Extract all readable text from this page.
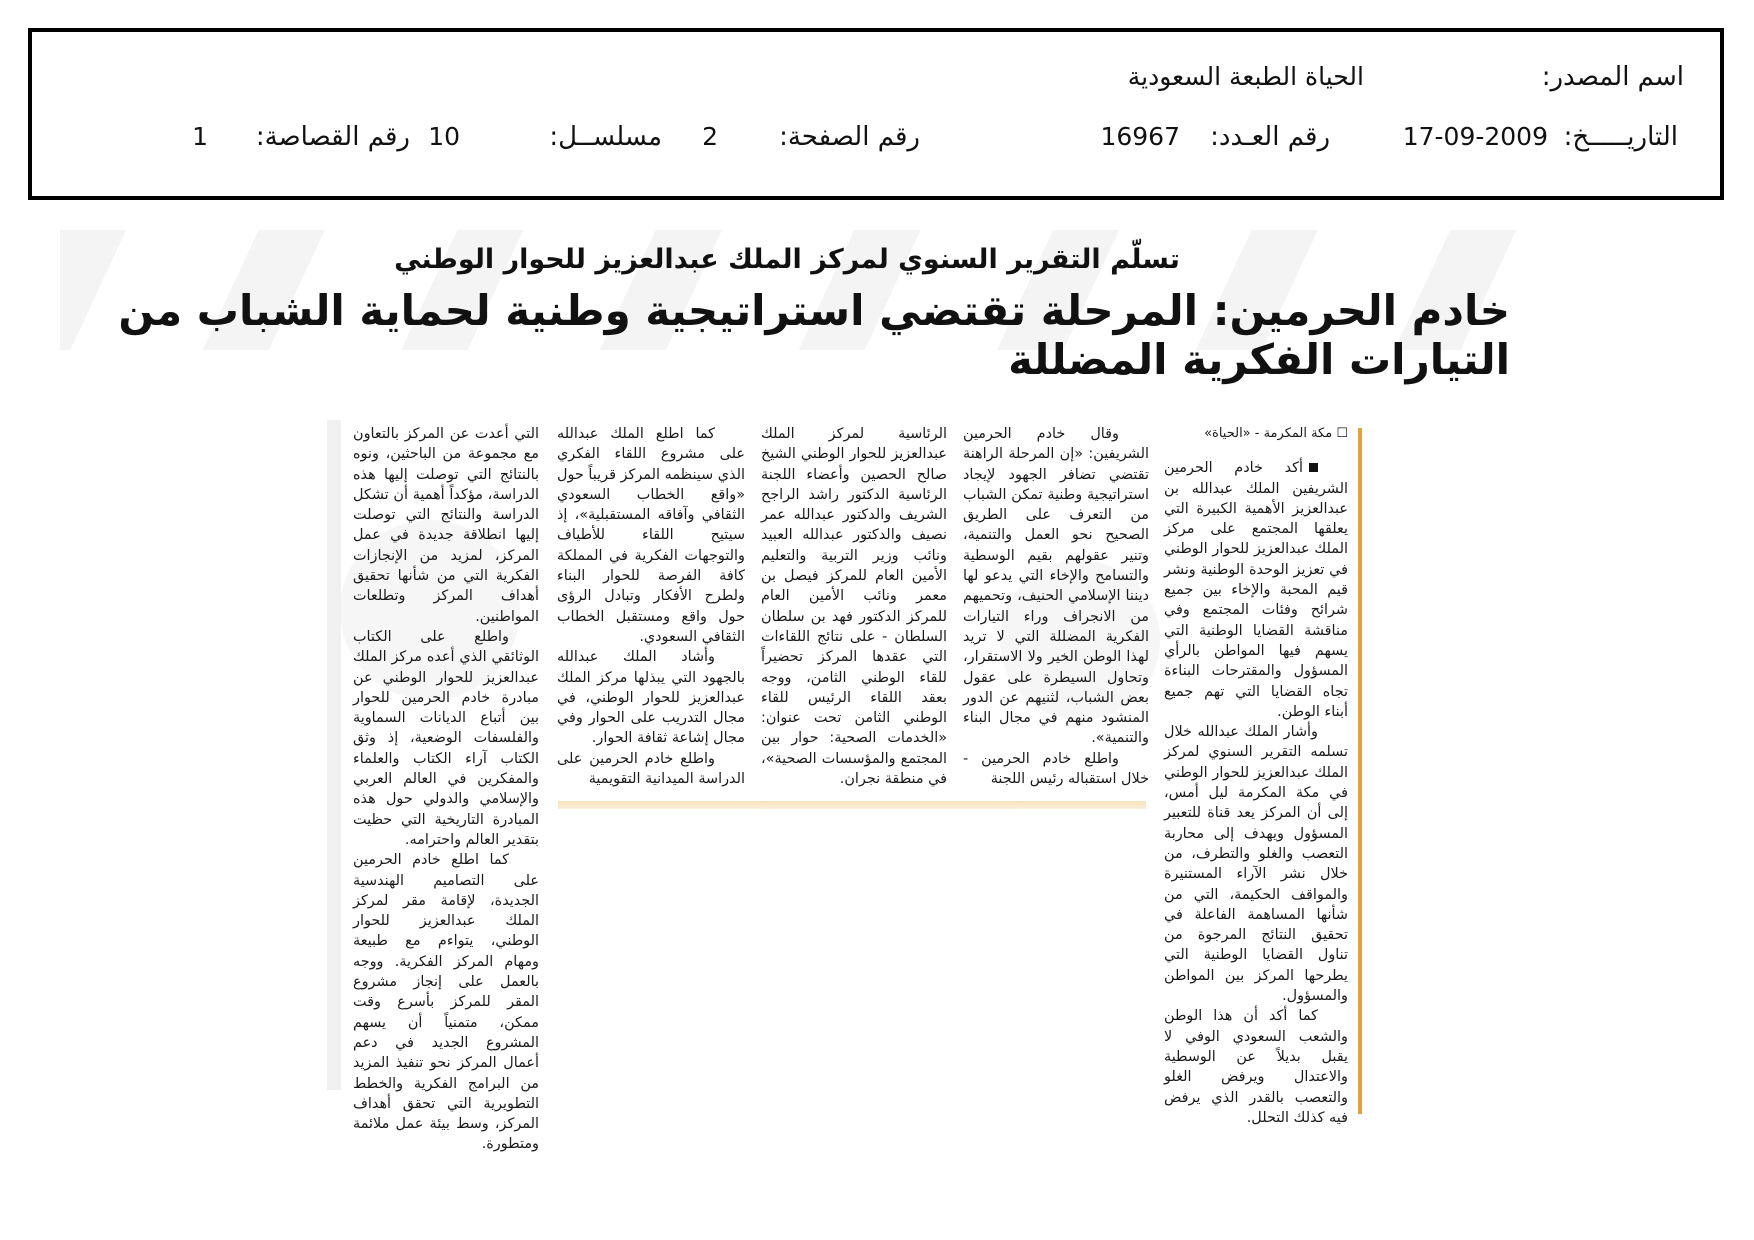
اسم المصدر:
الحياة الطبعة السعودية
التاريـــــخ:
17-09-2009
رقم العـدد:
16967
رقم الصفحة:
2
مسلســل:
10
رقم القصاصة:
1
تسلّم التقرير السنوي لمركز الملك عبدالعزيز للحوار الوطني
خادم الحرمين: المرحلة تقتضي استراتيجية وطنية لحماية الشباب من التيارات الفكرية المضللة

☐ مكة المكرمة - «الحياة»

أكد خادم الحرمين الشريفين الملك عبدالله بن عبدالعزيز الأهمية الكبيرة التي يعلقها المجتمع على مركز الملك عبدالعزيز للحوار الوطني في تعزيز الوحدة الوطنية ونشر قيم المحبة والإخاء بين جميع شرائح وفئات المجتمع وفي مناقشة القضايا الوطنية التي يسهم فيها المواطن بالرأي المسؤول والمقترحات البناءة تجاه القضايا التي تهم جميع أبناء الوطن.

وأشار الملك عبدالله خلال تسلمه التقرير السنوي لمركز الملك عبدالعزيز للحوار الوطني في مكة المكرمة ليل أمس، إلى أن المركز يعد قناة للتعبير المسؤول ويهدف إلى محاربة التعصب والغلو والتطرف، من خلال نشر الآراء المستنيرة والمواقف الحكيمة، التي من شأنها المساهمة الفاعلة في تحقيق النتائج المرجوة من تناول القضايا الوطنية التي يطرحها المركز بين المواطن والمسؤول.

كما أكد أن هذا الوطن والشعب السعودي الوفي لا يقبل بديلاً عن الوسطية والاعتدال ويرفض الغلو والتعصب بالقدر الذي يرفض فيه كذلك التحلل.

وقال خادم الحرمين الشريفين: «إن المرحلة الراهنة تقتضي تضافر الجهود لإيجاد استراتيجية وطنية تمكن الشباب من التعرف على الطريق الصحيح نحو العمل والتنمية، وتنير عقولهم بقيم الوسطية والتسامح والإخاء التي يدعو لها ديننا الإسلامي الحنيف، وتحميهم من الانجراف وراء التيارات الفكرية المضللة التي لا تريد لهذا الوطن الخير ولا الاستقرار، وتحاول السيطرة على عقول بعض الشباب، لثنيهم عن الدور المنشود منهم في مجال البناء والتنمية».

واطلع خادم الحرمين - خلال استقباله رئيس اللجنة

الرئاسية لمركز الملك عبدالعزيز للحوار الوطني الشيخ صالح الحصين وأعضاء اللجنة الرئاسية الدكتور راشد الراجح الشريف والدكتور عبدالله عمر نصيف والدكتور عبدالله العبيد ونائب وزير التربية والتعليم الأمين العام للمركز فيصل بن معمر ونائب الأمين العام للمركز الدكتور فهد بن سلطان السلطان - على نتائج اللقاءات التي عقدها المركز تحضيراً للقاء الوطني الثامن، ووجه بعقد اللقاء الرئيس للقاء الوطني الثامن تحت عنوان: «الخدمات الصحية: حوار بين المجتمع والمؤسسات الصحية»، في منطقة نجران.

كما اطلع الملك عبدالله على مشروع اللقاء الفكري الذي سينظمه المركز قريباً حول «واقع الخطاب السعودي الثقافي وآفاقه المستقبلية»، إذ سيتيح اللقاء للأطياف والتوجهات الفكرية في المملكة كافة الفرصة للحوار البناء ولطرح الأفكار وتبادل الرؤى حول واقع ومستقبل الخطاب الثقافي السعودي.

وأشاد الملك عبدالله بالجهود التي يبذلها مركز الملك عبدالعزيز للحوار الوطني، في مجال التدريب على الحوار وفي مجال إشاعة ثقافة الحوار.

واطلع خادم الحرمين على الدراسة الميدانية التقويمية

التي أعدت عن المركز بالتعاون مع مجموعة من الباحثين، ونوه بالنتائج التي توصلت إليها هذه الدراسة، مؤكداً أهمية أن تشكل الدراسة والنتائج التي توصلت إليها انطلاقة جديدة في عمل المركز، لمزيد من الإنجازات الفكرية التي من شأنها تحقيق أهداف المركز وتطلعات المواطنين.

واطلع على الكتاب الوثائقي الذي أعده مركز الملك عبدالعزيز للحوار الوطني عن مبادرة خادم الحرمين للحوار بين أتباع الديانات السماوية والفلسفات الوضعية، إذ وثق الكتاب آراء الكتاب والعلماء والمفكرين في العالم العربي والإسلامي والدولي حول هذه المبادرة التاريخية التي حظيت بتقدير العالم واحترامه.

كما اطلع خادم الحرمين على التصاميم الهندسية الجديدة، لإقامة مقر لمركز الملك عبدالعزيز للحوار الوطني، يتواءم مع طبيعة ومهام المركز الفكرية. ووجه بالعمل على إنجاز مشروع المقر للمركز بأسرع وقت ممكن، متمنياً أن يسهم المشروع الجديد في دعم أعمال المركز نحو تنفيذ المزيد من البرامج الفكرية والخطط التطويرية التي تحقق أهداف المركز، وسط بيئة عمل ملائمة ومتطورة.
